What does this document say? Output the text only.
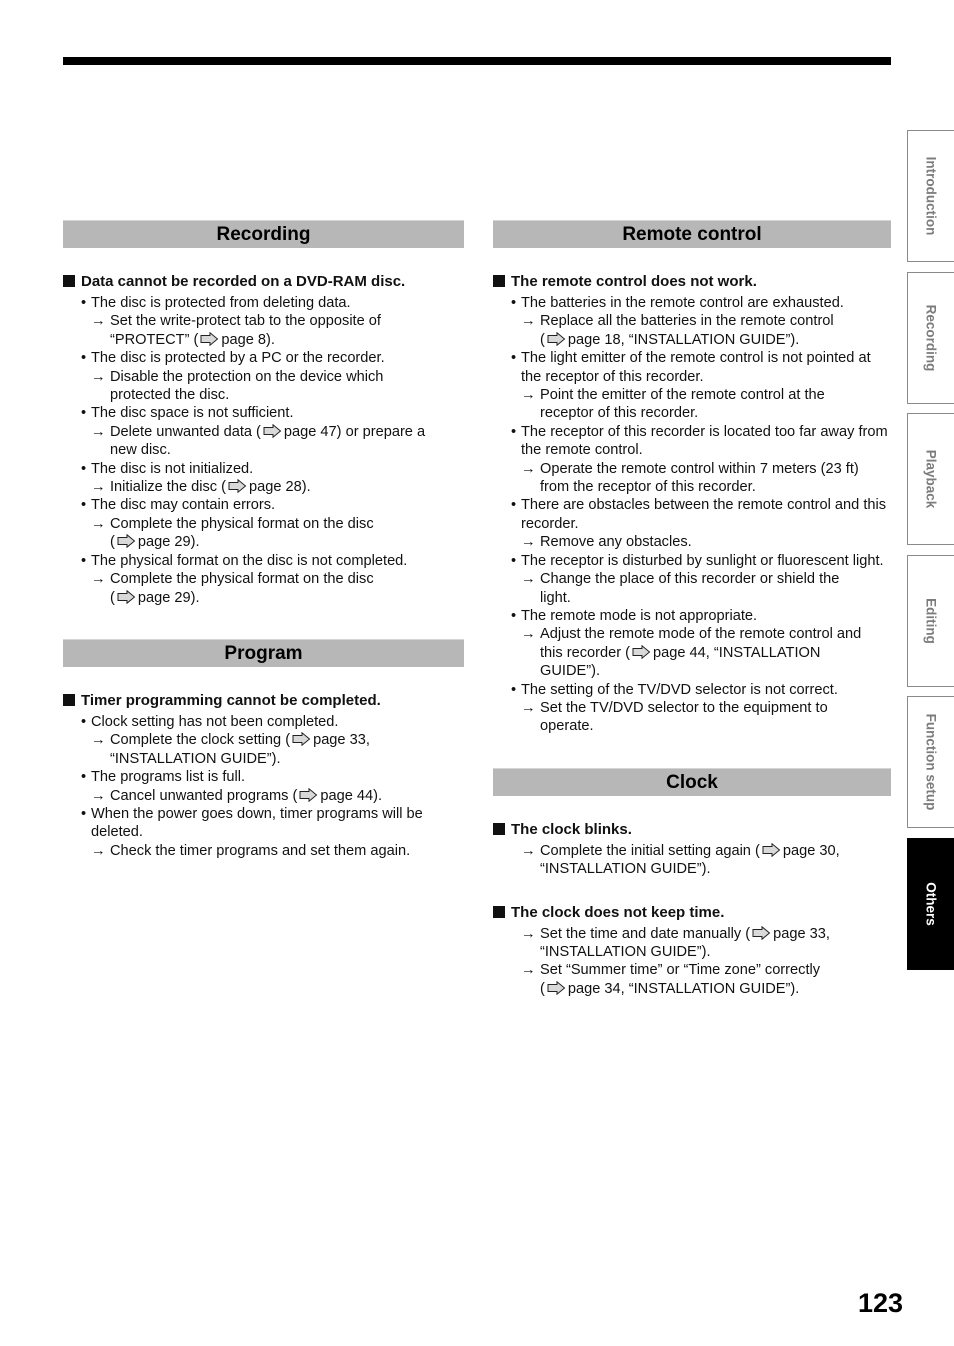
Recording
Data cannot be recorded on a DVD-RAM disc.
• The disc is protected from deleting data.
→ Set the write-protect tab to the opposite of
“PROTECT” ( page 8).
• The disc is protected by a PC or the recorder.
→ Disable the protection on the device which
protected the disc.
• The disc space is not sufficient.
→ Delete unwanted data ( page 47) or prepare a
new disc.
• The disc is not initialized.
→ Initialize the disc ( page 28).
• The disc may contain errors.
→ Complete the physical format on the disc
( page 29).
• The physical format on the disc is not completed.
→ Complete the physical format on the disc
( page 29).
Program
Timer programming cannot be completed.
• Clock setting has not been completed.
→ Complete the clock setting ( page 33,
“INSTALLATION GUIDE”).
• The programs list is full.
→ Cancel unwanted programs ( page 44).
• When the power goes down, timer programs will be deleted.
→ Check the timer programs and set them again.
Remote control
The remote control does not work.
• The batteries in the remote control are exhausted.
→ Replace all the batteries in the remote control
( page 18, “INSTALLATION GUIDE”).
• The light emitter of the remote control is not pointed at the receptor of this recorder.
→ Point the emitter of the remote control at the
receptor of this recorder.
• The receptor of this recorder is located too far away from the remote control.
→ Operate the remote control within 7 meters (23 ft)
from the receptor of this recorder.
• There are obstacles between the remote control and this recorder.
→ Remove any obstacles.
• The receptor is disturbed by sunlight or fluorescent light.
→ Change the place of this recorder or shield the
light.
• The remote mode is not appropriate.
→ Adjust the remote mode of the remote control and
this recorder ( page 44, “INSTALLATION
GUIDE”).
• The setting of the TV/DVD selector is not correct.
→ Set the TV/DVD selector to the equipment to
operate.
Clock
The clock blinks.
→ Complete the initial setting again ( page 30,
“INSTALLATION GUIDE”).
The clock does not keep time.
→ Set the time and date manually ( page 33,
“INSTALLATION GUIDE”).
→ Set “Summer time” or “Time zone” correctly
( page 34, “INSTALLATION GUIDE”).
Introduction
Recording
Playback
Editing
Function setup
Others
123
